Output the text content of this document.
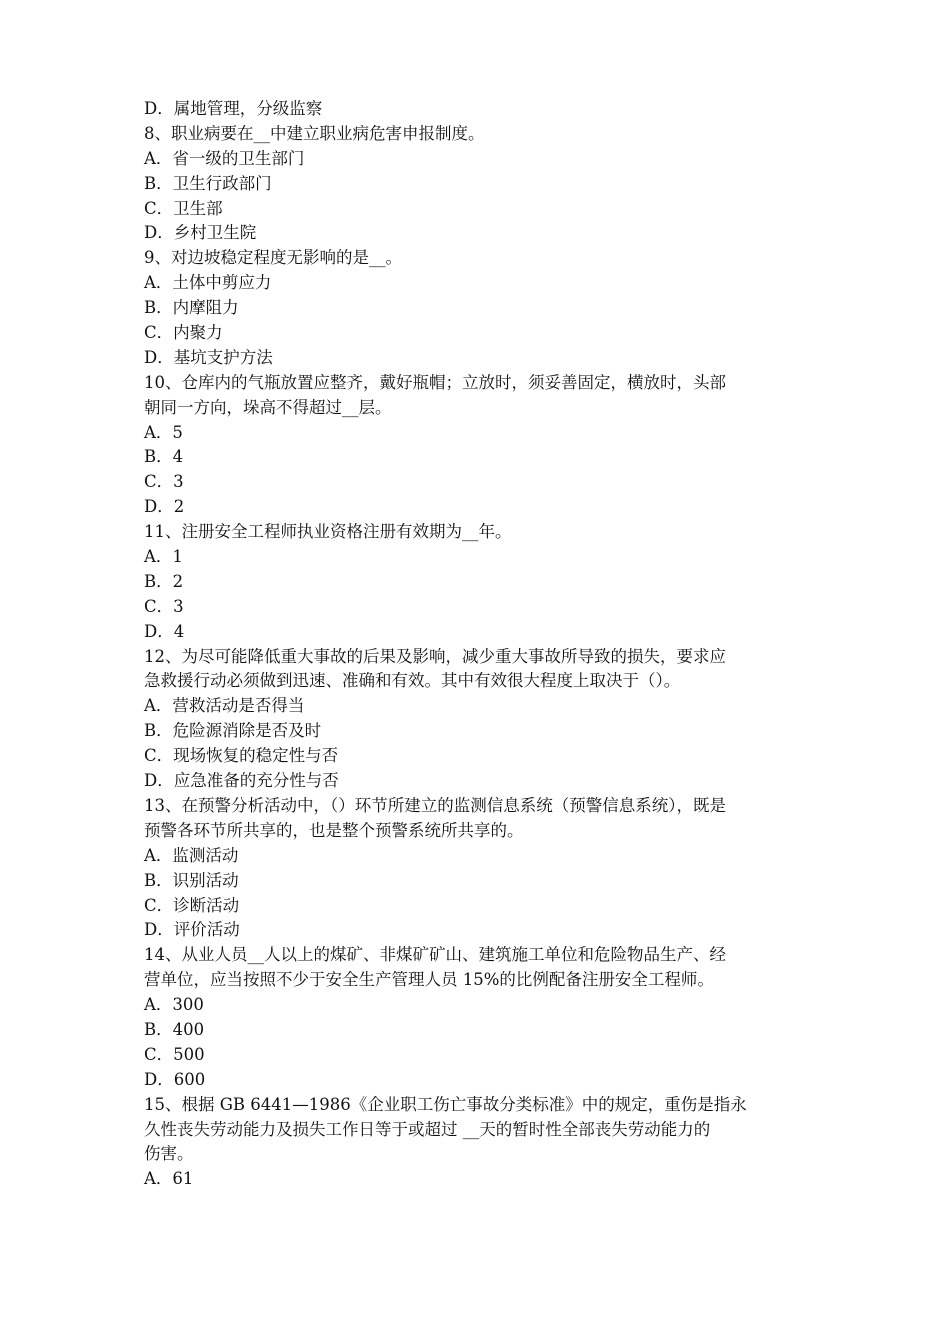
D．属地管理，分级监察
8、职业病要在__中建立职业病危害申报制度。
A．省一级的卫生部门
B．卫生行政部门
C．卫生部
D．乡村卫生院
9、对边坡稳定程度无影响的是__。
A．土体中剪应力
B．内摩阻力
C．内聚力
D．基坑支护方法
10、仓库内的气瓶放置应整齐，戴好瓶帽；立放时，须妥善固定，横放时，头部
朝同一方向，垛高不得超过__层。
A．5
B．4
C．3
D．2
11、注册安全工程师执业资格注册有效期为__年。
A．1
B．2
C．3
D．4
12、为尽可能降低重大事故的后果及影响，减少重大事故所导致的损失，要求应
急救援行动必须做到迅速、准确和有效。其中有效很大程度上取决于（）。
A．营救活动是否得当
B．危险源消除是否及时
C．现场恢复的稳定性与否
D．应急准备的充分性与否
13、在预警分析活动中，（）环节所建立的监测信息系统（预警信息系统），既是
预警各环节所共享的，也是整个预警系统所共享的。
A．监测活动
B．识别活动
C．诊断活动
D．评价活动
14、从业人员__人以上的煤矿、非煤矿矿山、建筑施工单位和危险物品生产、经
营单位，应当按照不少于安全生产管理人员 15%的比例配备注册安全工程师。
A．300
B．400
C．500
D．600
15、根据 GB 6441—1986《企业职工伤亡事故分类标准》中的规定，重伤是指永
久性丧失劳动能力及损失工作日等于或超过 __天的暂时性全部丧失劳动能力的
伤害。
A．61
